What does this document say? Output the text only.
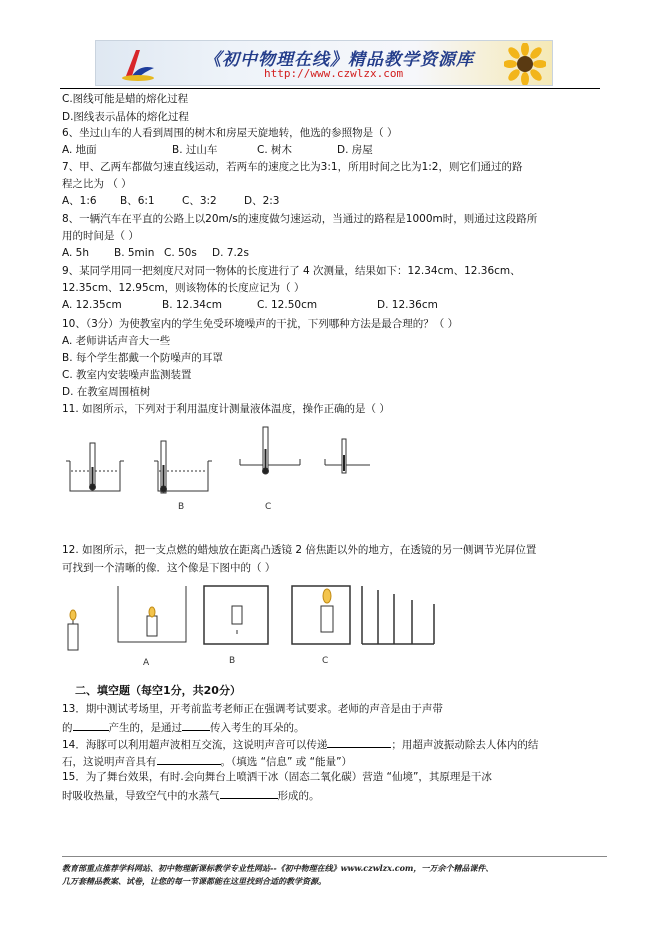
《初中物理在线》精品教学资源库
http://www.czwlzx.com
C.图线可能是蜡的熔化过程
D.图线表示晶体的熔化过程
6、坐过山车的人看到周围的树木和房屋天旋地转，他选的参照物是（ ）
A. 地面	B. 过山车	C. 树木	D. 房屋
7、甲、乙两车都做匀速直线运动，若两车的速度之比为3:1，所用时间之比为1:2，则它们通过的路
程之比为 （ ）
A、1:6 B、6:1	C、3:2	D、2:3
8、一辆汽车在平直的公路上以20m/s的速度做匀速运动，当通过的路程是1000m时，则通过这段路所
用的时间是（ ）
A. 5h B. 5min C. 50s D. 7.2s
9、某同学用同一把刻度尺对同一物体的长度进行了 4 次测量，结果如下：12.34cm、12.36cm、
12.35cm、12.95cm，则该物体的长度应记为（ ）
A. 12.35cm	B. 12.34cm	C. 12.50cm	D. 12.36cm
10、（3分）为使教室内的学生免受环境噪声的干扰，下列哪种方法是最合理的？（ ）
A. 老师讲话声音大一些
B. 每个学生都戴一个防噪声的耳罩
C. 教室内安装噪声监测装置
D. 在教室周围植树
11. 如图所示，下列对于利用温度计测量液体温度，操作正确的是（ ）
B	C
12. 如图所示，把一支点燃的蜡烛放在距离凸透镜 2 倍焦距以外的地方，在透镜的另一侧调节光屏位置
可找到一个清晰的像．这个像是下图中的（ ）
A	B	C
二、填空题（每空1分，共20分）
13．期中测试考场里，开考前监考老师正在强调考试要求。老师的声音是由于声带
的	产生的，是通过	传入考生的耳朵的。
14．海豚可以利用超声波相互交流，这说明声音可以传递	；用超声波振动除去人体内的结
石，这说明声音具有	。（填选 “信息” 或 “能量”）
15．为了舞台效果，有时.会向舞台上喷洒干冰（固态二氧化碳）营造 “仙境”，其原理是干冰
时吸收热量，导致空气中的水蒸气	形成的。
教育部重点推荐学科网站、初中物理新课标教学专业性网站--《初中物理在线》www.czwlzx.com，一万余个精品课件、
几万套精品教案、试卷，让您的每一节课都能在这里找到合适的教学资源。
